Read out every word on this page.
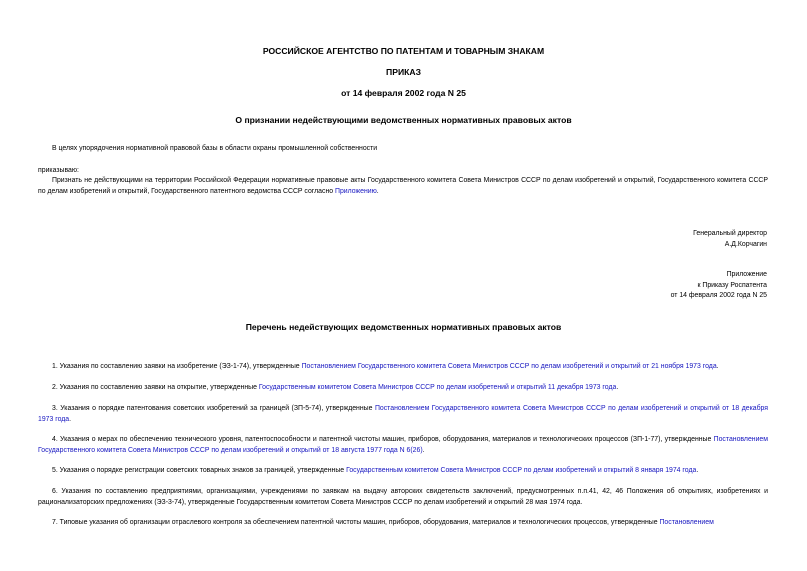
РОССИЙСКОЕ АГЕНТСТВО ПО ПАТЕНТАМ И ТОВАРНЫМ ЗНАКАМ
ПРИКАЗ
от 14 февраля 2002 года N 25
О признании недействующими ведомственных нормативных правовых актов
В целях упорядочения нормативной правовой базы в области охраны промышленной собственности
приказываю:
Признать не действующими на территории Российской Федерации нормативные правовые акты Государственного комитета Совета Министров СССР по делам изобретений и открытий, Государственного комитета СССР по делам изобретений и открытий, Государственного патентного ведомства СССР согласно Приложению.
Генеральный директор
А.Д.Корчагин
Приложение
к Приказу Роспатента
от 14 февраля 2002 года N 25
Перечень недействующих ведомственных нормативных правовых актов
1. Указания по составлению заявки на изобретение (ЭЗ-1-74), утвержденные Постановлением Государственного комитета Совета Министров СССР по делам изобретений и открытий от 21 ноября 1973 года.
2. Указания по составлению заявки на открытие, утвержденные Государственным комитетом Совета Министров СССР по делам изобретений и открытий 11 декабря 1973 года.
3. Указания о порядке патентования советских изобретений за границей (ЗП-5-74), утвержденные Постановлением Государственного комитета Совета Министров СССР по делам изобретений и открытий от 18 декабря 1973 года.
4. Указания о мерах по обеспечению технического уровня, патентоспособности и патентной чистоты машин, приборов, оборудования, материалов и технологических процессов (ЗП-1-77), утвержденные Постановлением Государственного комитета Совета Министров СССР по делам изобретений и открытий от 18 августа 1977 года N 6(26).
5. Указания о порядке регистрации советских товарных знаков за границей, утвержденные Государственным комитетом Совета Министров СССР по делам изобретений и открытий 8 января 1974 года.
6. Указания по составлению предприятиями, организациями, учреждениями по заявкам на выдачу авторских свидетельств заключений, предусмотренных п.п.41, 42, 46 Положения об открытиях, изобретениях и рационализаторских предложениях (ЭЗ-3-74), утвержденные Государственным комитетом Совета Министров СССР по делам изобретений и открытий 28 мая 1974 года.
7. Типовые указания об организации отраслевого контроля за обеспечением патентной чистоты машин, приборов, оборудования, материалов и технологических процессов, утвержденные Постановлением
